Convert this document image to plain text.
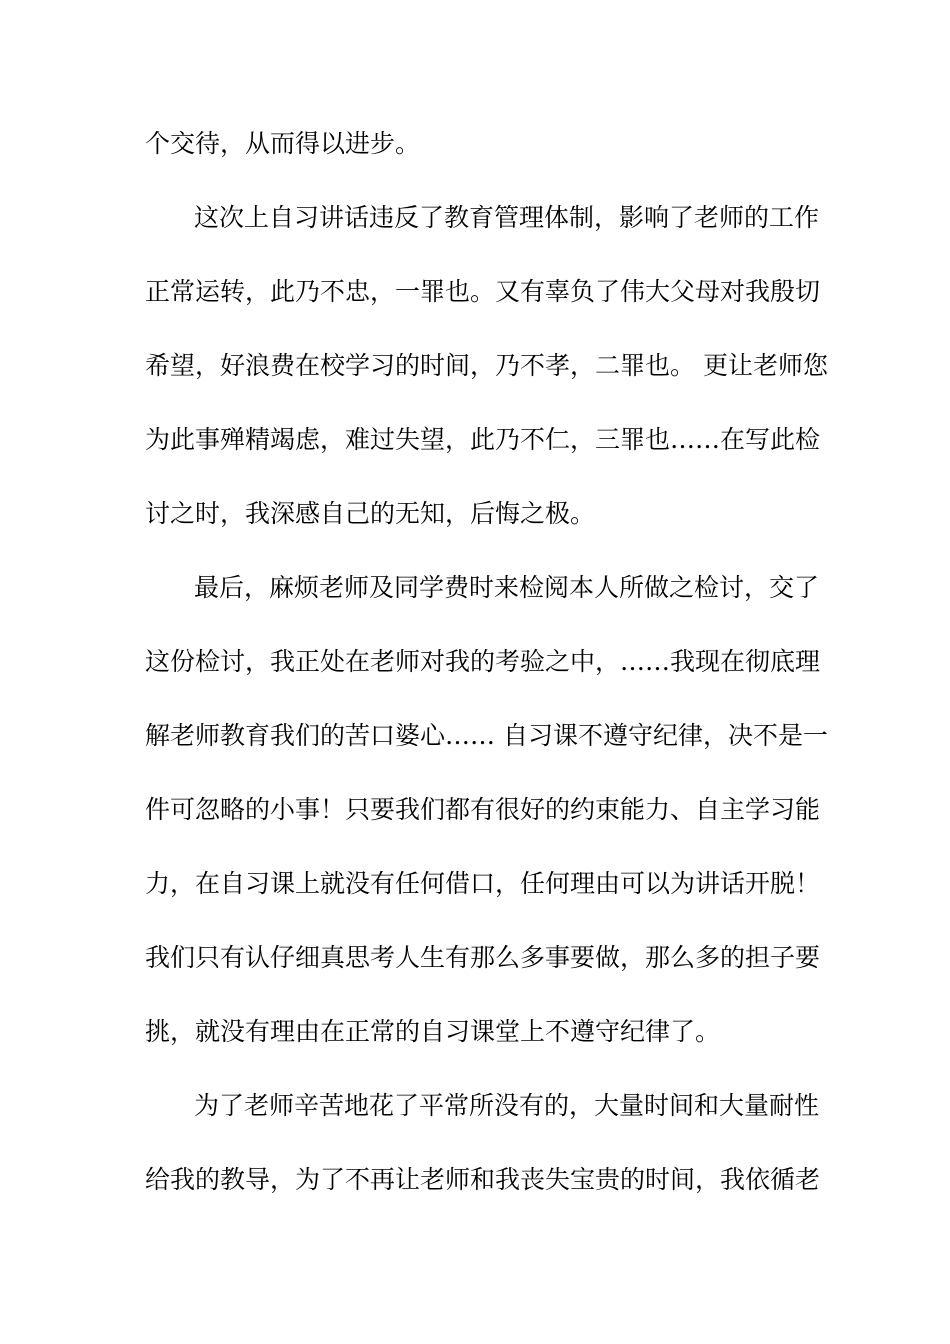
个交待，从而得以进步。
这次上自习讲话违反了教育管理体制，影响了老师的工作
正常运转，此乃不忠，一罪也。又有辜负了伟大父母对我殷切
希望，好浪费在校学习的时间，乃不孝，二罪也。 更让老师您
为此事殚精竭虑，难过失望，此乃不仁，三罪也……在写此检
讨之时，我深感自己的无知，后悔之极。
最后，麻烦老师及同学费时来检阅本人所做之检讨，交了
这份检讨，我正处在老师对我的考验之中，……我现在彻底理
解老师教育我们的苦口婆心…… 自习课不遵守纪律，决不是一
件可忽略的小事！只要我们都有很好的约束能力、自主学习能
力，在自习课上就没有任何借口，任何理由可以为讲话开脱！
我们只有认仔细真思考人生有那么多事要做，那么多的担子要
挑，就没有理由在正常的自习课堂上不遵守纪律了。
为了老师辛苦地花了平常所没有的，大量时间和大量耐性
给我的教导，为了不再让老师和我丧失宝贵的时间，我依循老
